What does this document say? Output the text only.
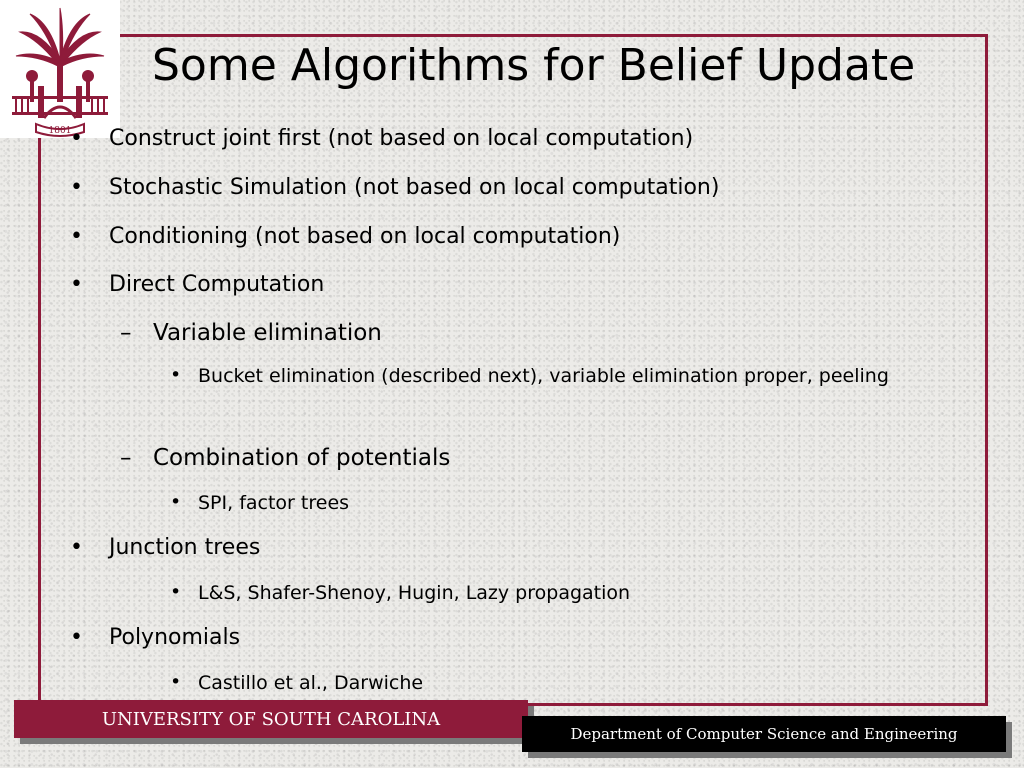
1801
Some Algorithms for Belief Update
• Construct joint first (not based on local computation)
• Stochastic Simulation (not based on local computation)
• Conditioning (not based on local computation)
• Direct Computation
– Variable elimination
• Bucket elimination (described next), variable elimination proper, peeling
– Combination of potentials
• SPI, factor trees
• Junction trees
• L&S, Shafer-Shenoy, Hugin, Lazy propagation
• Polynomials
• Castillo et al., Darwiche
UNIVERSITY OF SOUTH CAROLINA
Department of Computer Science and Engineering
